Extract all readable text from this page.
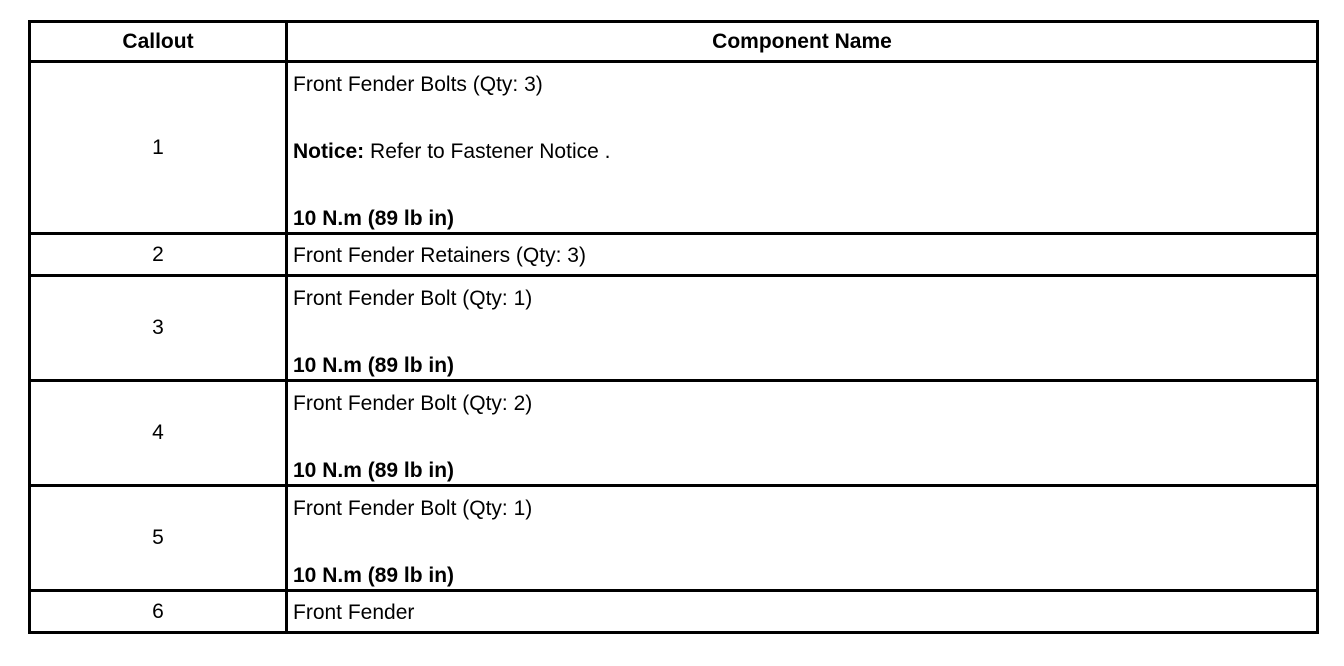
Callout	Component Name
1	Front Fender Bolts (Qty: 3)
Notice: Refer to Fastener Notice .
10 N.m (89 lb in)

2	Front Fender Retainers (Qty: 3)

3	Front Fender Bolt (Qty: 1)
10 N.m (89 lb in)

4	Front Fender Bolt (Qty: 2)
10 N.m (89 lb in)

5	Front Fender Bolt (Qty: 1)
10 N.m (89 lb in)

6	Front Fender
